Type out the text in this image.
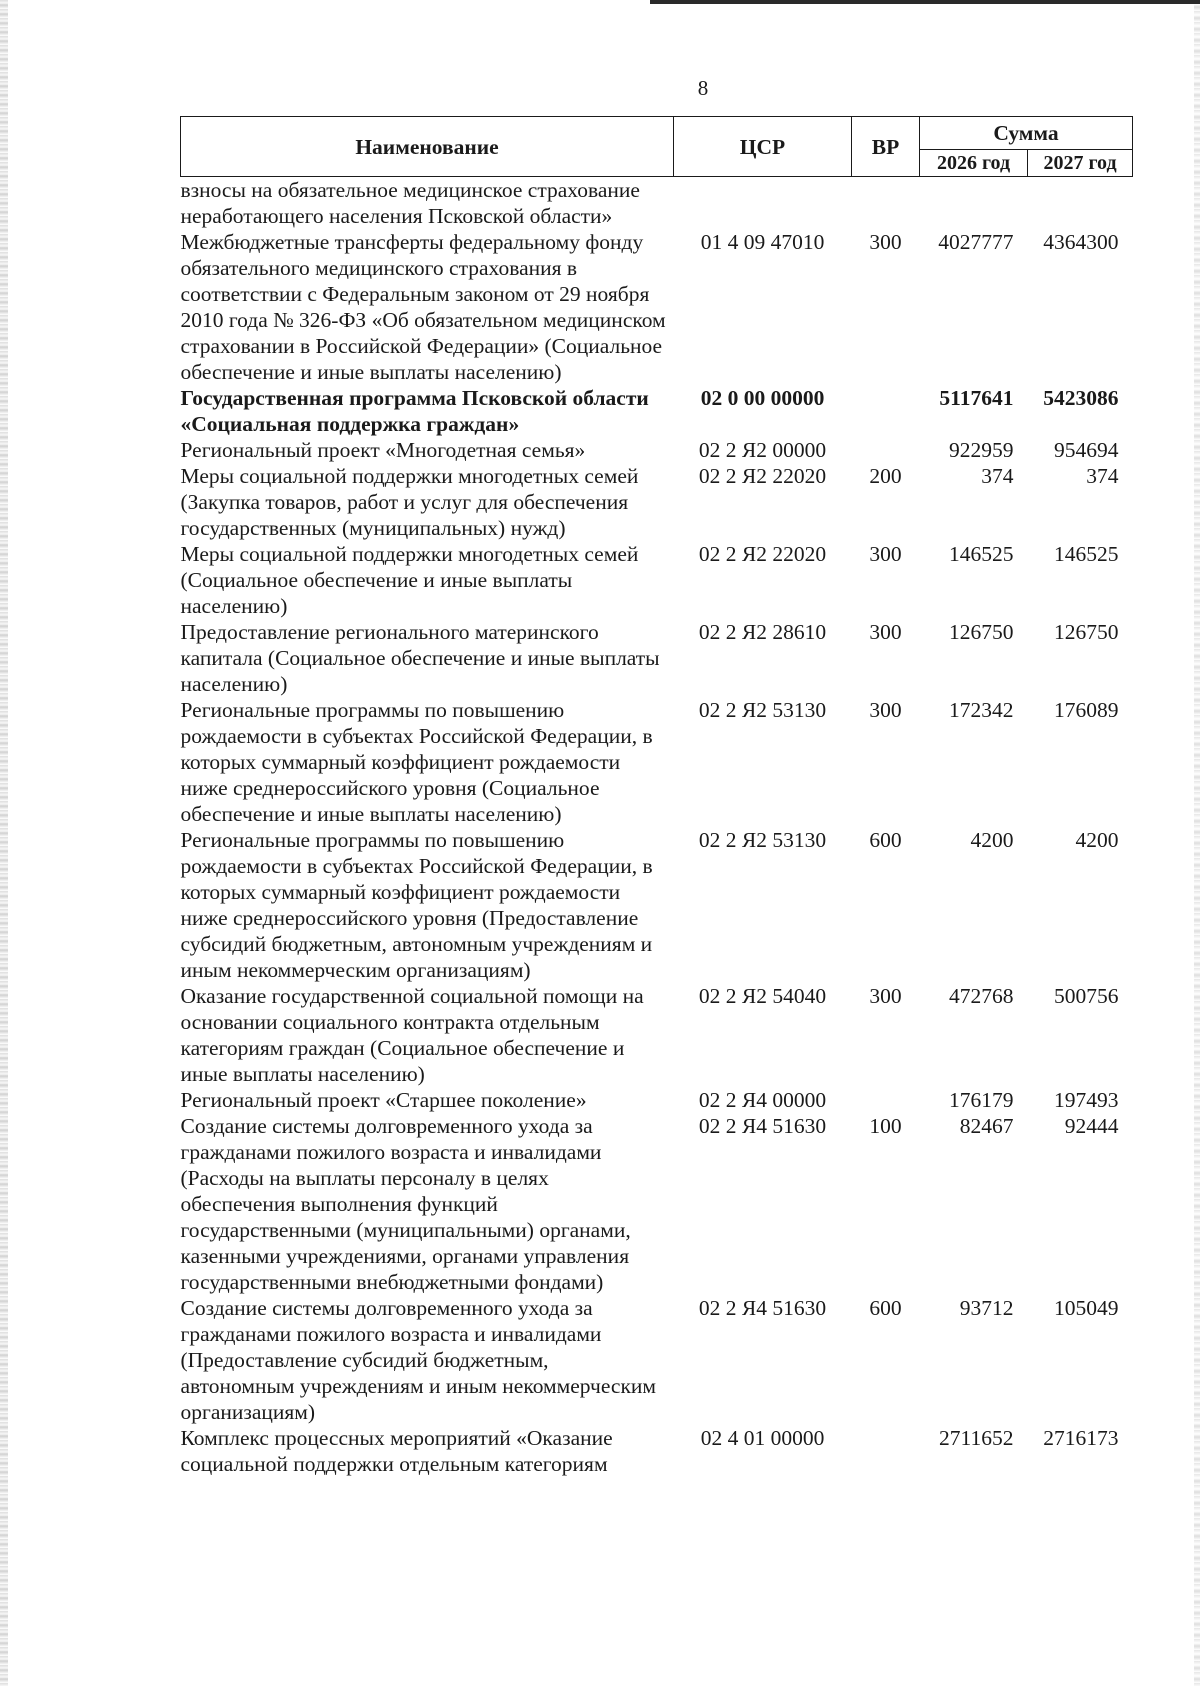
8
Наименование	ЦСР	ВР	Сумма	
			2026 год	2027 год
взносы на обязательное медицинское страхование неработающего населения Псковской области»				
Межбюджетные трансферты федеральному фонду обязательного медицинского страхования в соответствии с Федеральным законом от 29 ноября 2010 года № 326-ФЗ «Об обязательном медицинском страховании в Российской Федерации» (Социальное обеспечение и иные выплаты населению)	01 4 09 47010	300	4027777	4364300
Государственная программа Псковской области «Социальная поддержка граждан»	02 0 00 00000		5117641	5423086
Региональный проект «Многодетная семья»	02 2 Я2 00000		922959	954694
Меры социальной поддержки многодетных семей (Закупка товаров, работ и услуг для обеспечения государственных (муниципальных) нужд)	02 2 Я2 22020	200	374	374
Меры социальной поддержки многодетных семей (Социальное обеспечение и иные выплаты населению)	02 2 Я2 22020	300	146525	146525
Предоставление регионального материнского капитала (Социальное обеспечение и иные выплаты населению)	02 2 Я2 28610	300	126750	126750
Региональные программы по повышению рождаемости в субъектах Российской Федерации, в которых суммарный коэффициент рождаемости ниже среднероссийского уровня (Социальное обеспечение и иные выплаты населению)	02 2 Я2 53130	300	172342	176089
Региональные программы по повышению рождаемости в субъектах Российской Федерации, в которых суммарный коэффициент рождаемости ниже среднероссийского уровня (Предоставление субсидий бюджетным, автономным учреждениям и иным некоммерческим организациям)	02 2 Я2 53130	600	4200	4200
Оказание государственной социальной помощи на основании социального контракта отдельным категориям граждан (Социальное обеспечение и иные выплаты населению)	02 2 Я2 54040	300	472768	500756
Региональный проект «Старшее поколение»	02 2 Я4 00000		176179	197493
Создание системы долговременного ухода за гражданами пожилого возраста и инвалидами (Расходы на выплаты персоналу в целях обеспечения выполнения функций государственными (муниципальными) органами, казенными учреждениями, органами управления государственными внебюджетными фондами)	02 2 Я4 51630	100	82467	92444
Создание системы долговременного ухода за гражданами пожилого возраста и инвалидами (Предоставление субсидий бюджетным, автономным учреждениям и иным некоммерческим организациям)	02 2 Я4 51630	600	93712	105049
Комплекс процессных мероприятий «Оказание социальной поддержки отдельным категориям	02 4 01 00000		2711652	2716173
